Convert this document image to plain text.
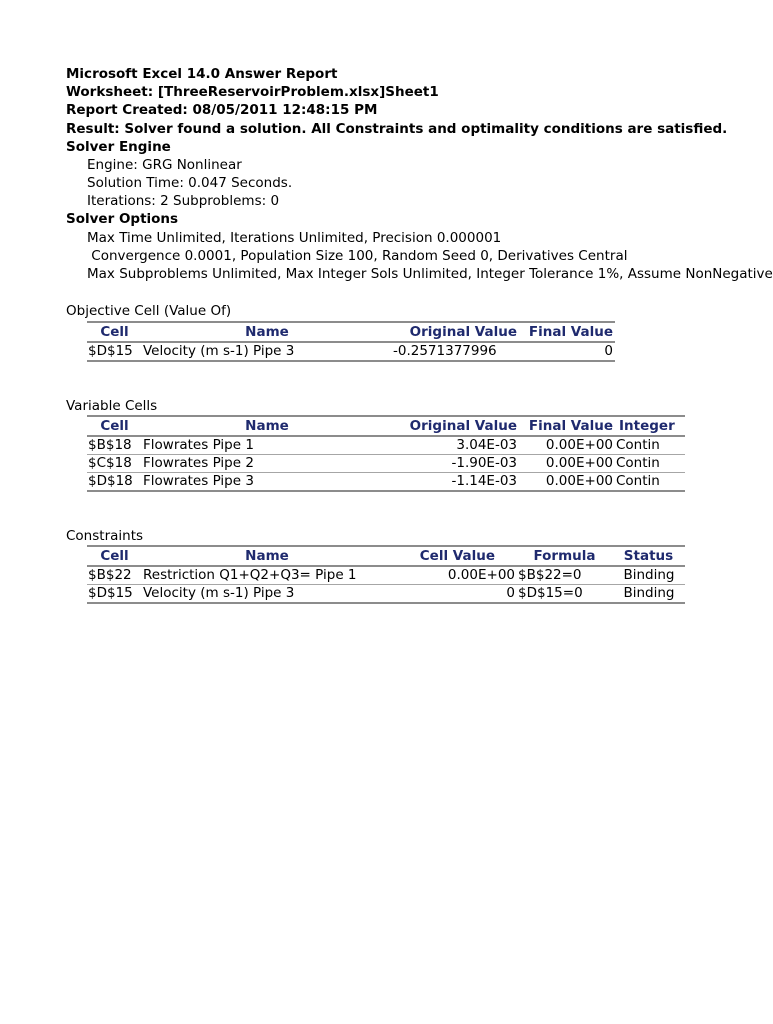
Microsoft Excel 14.0 Answer Report
Worksheet: [ThreeReservoirProblem.xlsx]Sheet1
Report Created: 08/05/2011 12:48:15 PM
Result: Solver found a solution. All Constraints and optimality conditions are satisfied.
Solver Engine
Engine: GRG Nonlinear
Solution Time: 0.047 Seconds.
Iterations: 2 Subproblems: 0
Solver Options
Max Time Unlimited, Iterations Unlimited, Precision 0.000001
Convergence 0.0001, Population Size 100, Random Seed 0, Derivatives Central
Max Subproblems Unlimited, Max Integer Sols Unlimited, Integer Tolerance 1%, Assume NonNegative
Objective Cell (Value Of)
Cell	Name	Original Value	Final Value
$D$15	Velocity (m s-1) Pipe 3	-0.2571377996	0
Variable Cells
Cell	Name	Original Value	Final Value	Integer
$B$18	Flowrates Pipe 1	3.04E-03	0.00E+00	Contin
$C$18	Flowrates Pipe 2	-1.90E-03	0.00E+00	Contin
$D$18	Flowrates Pipe 3	-1.14E-03	0.00E+00	Contin
Constraints
Cell	Name	Cell Value	Formula	Status
$B$22	Restriction Q1+Q2+Q3= Pipe 1	0.00E+00	$B$22=0	Binding
$D$15	Velocity (m s-1) Pipe 3	0	$D$15=0	Binding
